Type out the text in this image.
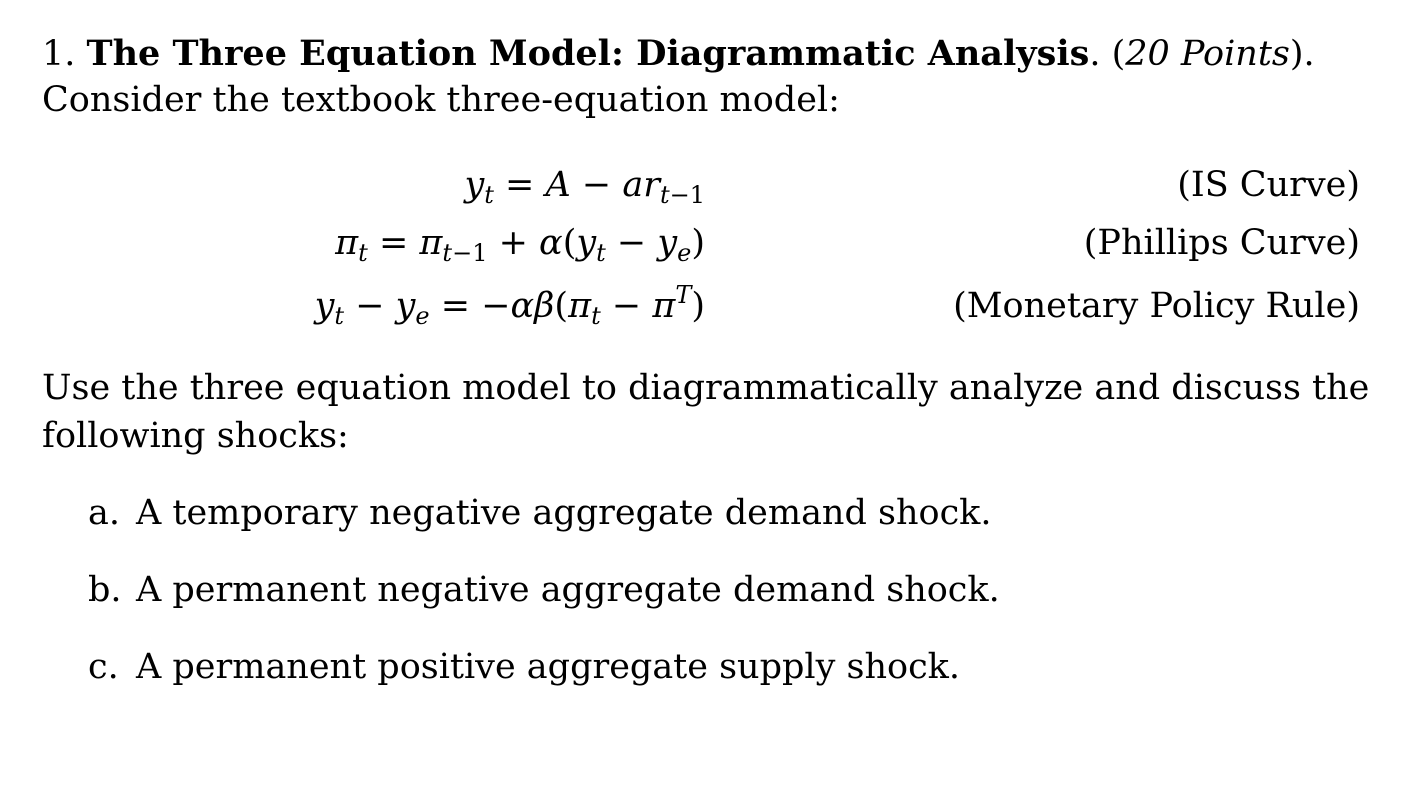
1. The Three Equation Model: Diagrammatic Analysis. (20 Points).
Consider the textbook three-equation model:
$y_t = A - ar_{t-1}$	(IS Curve)
$\pi_t = \pi_{t-1} + \alpha(y_t - y_e)$	(Phillips Curve)
$y_t - y_e = -\alpha\beta(\pi_t - \pi^T)$	(Monetary Policy Rule)
Use the three equation model to diagrammatically analyze and discuss the
following shocks:
a. A temporary negative aggregate demand shock.
b. A permanent negative aggregate demand shock.
c. A permanent positive aggregate supply shock.
